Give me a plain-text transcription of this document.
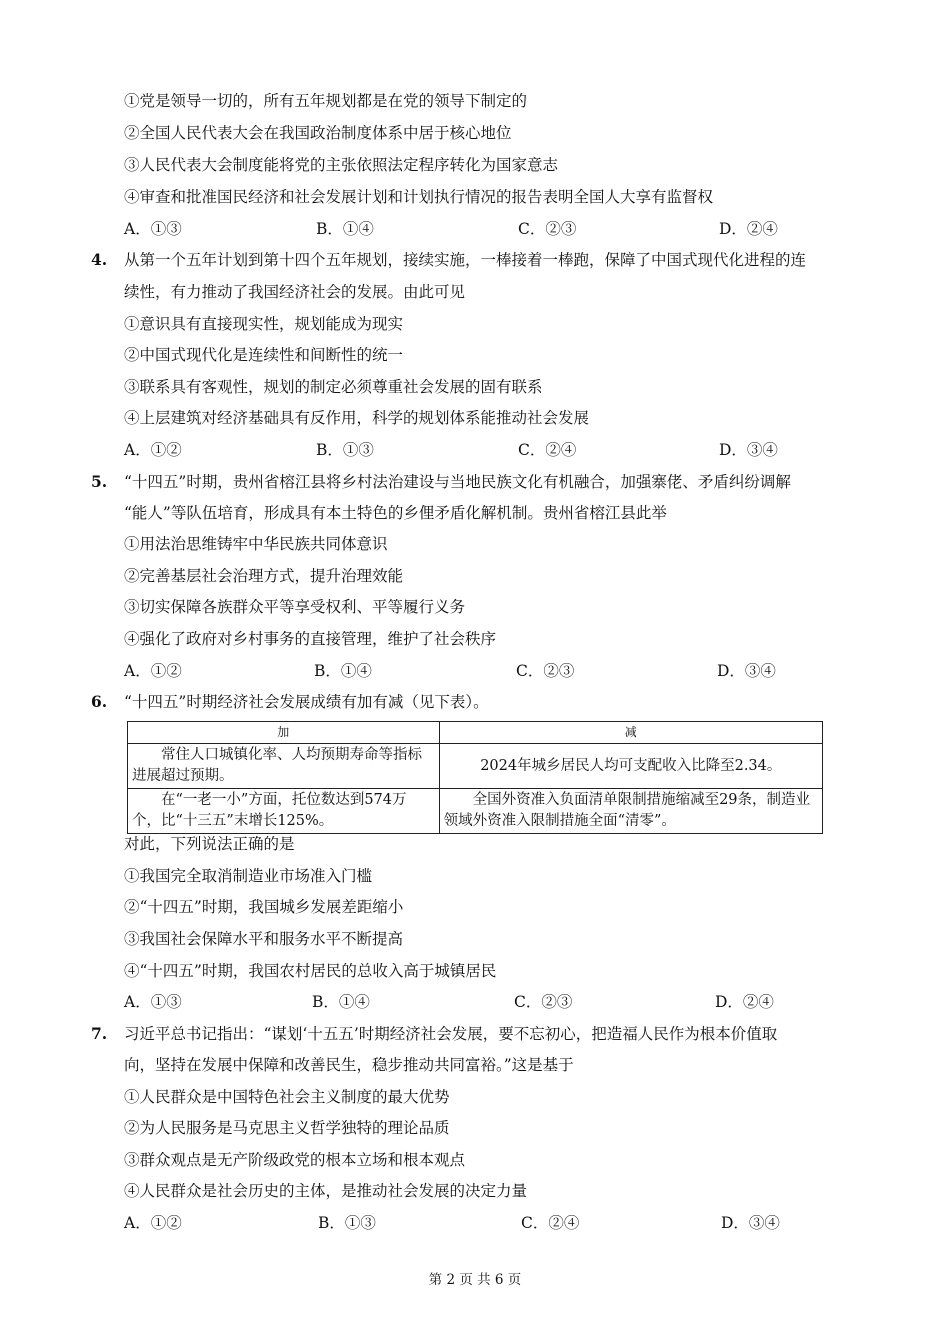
①党是领导一切的，所有五年规划都是在党的领导下制定的
②全国人民代表大会在我国政治制度体系中居于核心地位
③人民代表大会制度能将党的主张依照法定程序转化为国家意志
④审查和批准国民经济和社会发展计划和计划执行情况的报告表明全国人大享有监督权
A．①③	B．①④	C．②③	D．②④
4. 从第一个五年计划到第十四个五年规划，接续实施，一棒接着一棒跑，保障了中国式现代化进程的连
续性，有力推动了我国经济社会的发展。由此可见
①意识具有直接现实性，规划能成为现实
②中国式现代化是连续性和间断性的统一
③联系具有客观性，规划的制定必须尊重社会发展的固有联系
④上层建筑对经济基础具有反作用，科学的规划体系能推动社会发展
A．①②	B．①③	C．②④	D．③④
5. “十四五”时期，贵州省榕江县将乡村法治建设与当地民族文化有机融合，加强寨佬、矛盾纠纷调解
“能人”等队伍培育，形成具有本土特色的乡俚矛盾化解机制。贵州省榕江县此举
①用法治思维铸牢中华民族共同体意识
②完善基层社会治理方式，提升治理效能
③切实保障各族群众平等享受权利、平等履行义务
④强化了政府对乡村事务的直接管理，维护了社会秩序
A．①②	B．①④	C．②③	D．③④
6. “十四五”时期经济社会发展成绩有加有减（见下表）。
加	减
常住人口城镇化率、人均预期寿命等指标进展超过预期。	2024年城乡居民人均可支配收入比降至2.34。
在“一老一小”方面，托位数达到574万个，比“十三五”末增长125%。	全国外资准入负面清单限制措施缩减至29条，制造业领域外资准入限制措施全面“清零”。
对此，下列说法正确的是
①我国完全取消制造业市场准入门槛
②“十四五”时期，我国城乡发展差距缩小
③我国社会保障水平和服务水平不断提高
④“十四五”时期，我国农村居民的总收入高于城镇居民
A．①③	B．①④	C．②③	D．②④
7. 习近平总书记指出：“谋划‘十五五’时期经济社会发展，要不忘初心，把造福人民作为根本价值取
向，坚持在发展中保障和改善民生，稳步推动共同富裕。”这是基于
①人民群众是中国特色社会主义制度的最大优势
②为人民服务是马克思主义哲学独特的理论品质
③群众观点是无产阶级政党的根本立场和根本观点
④人民群众是社会历史的主体，是推动社会发展的决定力量
A．①②	B．①③	C．②④	D．③④
第 2 页 共 6 页
